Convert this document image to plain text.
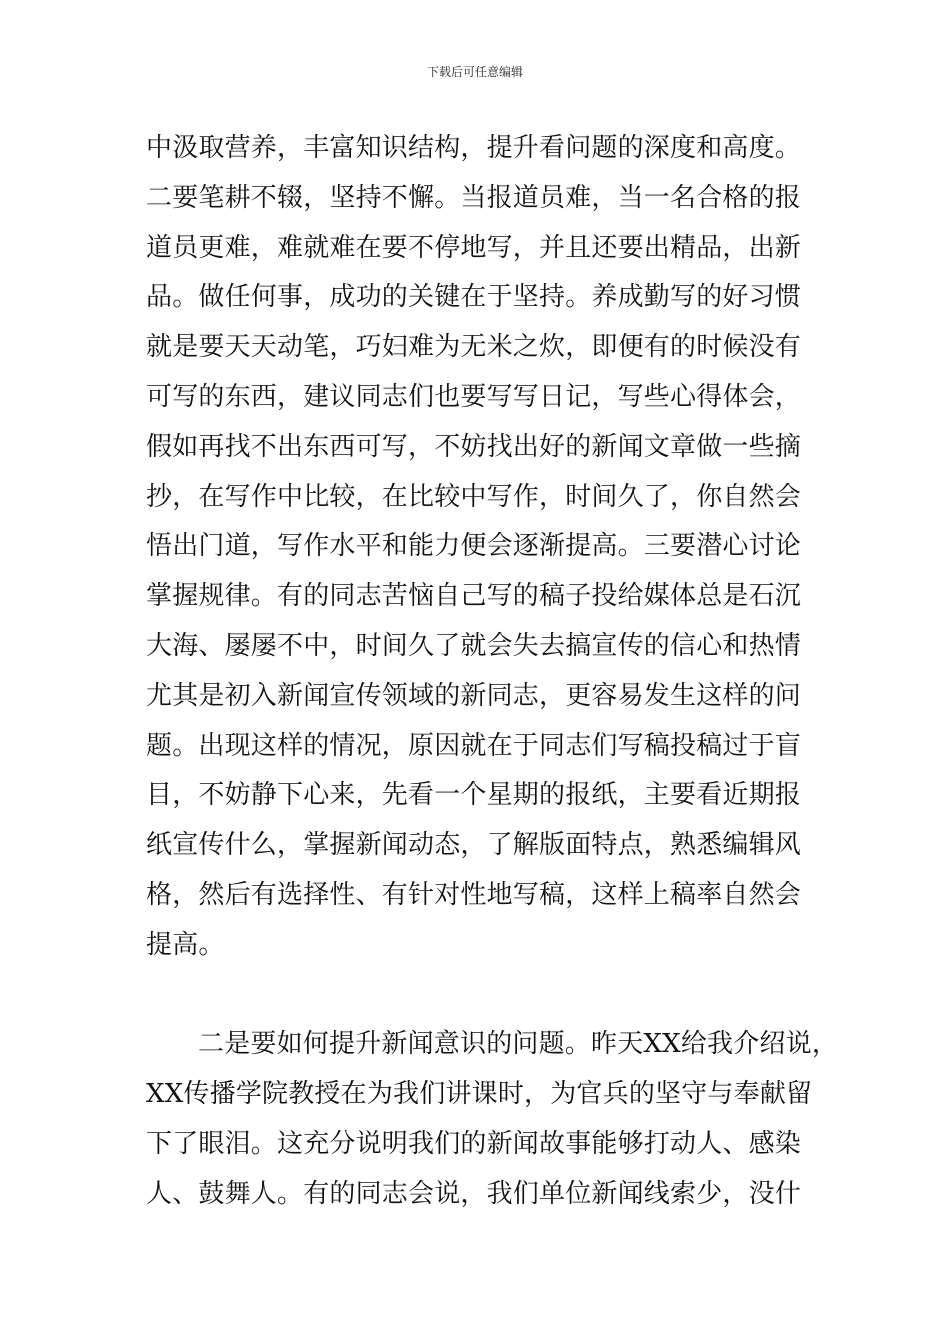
下载后可任意编辑
中汲取营养，丰富知识结构，提升看问题的深度和高度。
二要笔耕不辍，坚持不懈。当报道员难，当一名合格的报
道员更难，难就难在要不停地写，并且还要出精品，出新
品。做任何事，成功的关键在于坚持。养成勤写的好习惯
就是要天天动笔，巧妇难为无米之炊，即便有的时候没有
可写的东西，建议同志们也要写写日记，写些心得体会，
假如再找不出东西可写，不妨找出好的新闻文章做一些摘
抄，在写作中比较，在比较中写作，时间久了，你自然会
悟出门道，写作水平和能力便会逐渐提高。三要潜心讨论
掌握规律。有的同志苦恼自己写的稿子投给媒体总是石沉
大海、屡屡不中，时间久了就会失去搞宣传的信心和热情
尤其是初入新闻宣传领域的新同志，更容易发生这样的问
题。出现这样的情况，原因就在于同志们写稿投稿过于盲
目，不妨静下心来，先看一个星期的报纸，主要看近期报
纸宣传什么，掌握新闻动态，了解版面特点，熟悉编辑风
格，然后有选择性、有针对性地写稿，这样上稿率自然会
提高。
二是要如何提升新闻意识的问题。昨天XX给我介绍说，
XX传播学院教授在为我们讲课时，为官兵的坚守与奉献留
下了眼泪。这充分说明我们的新闻故事能够打动人、感染
人、鼓舞人。有的同志会说，我们单位新闻线索少，没什
